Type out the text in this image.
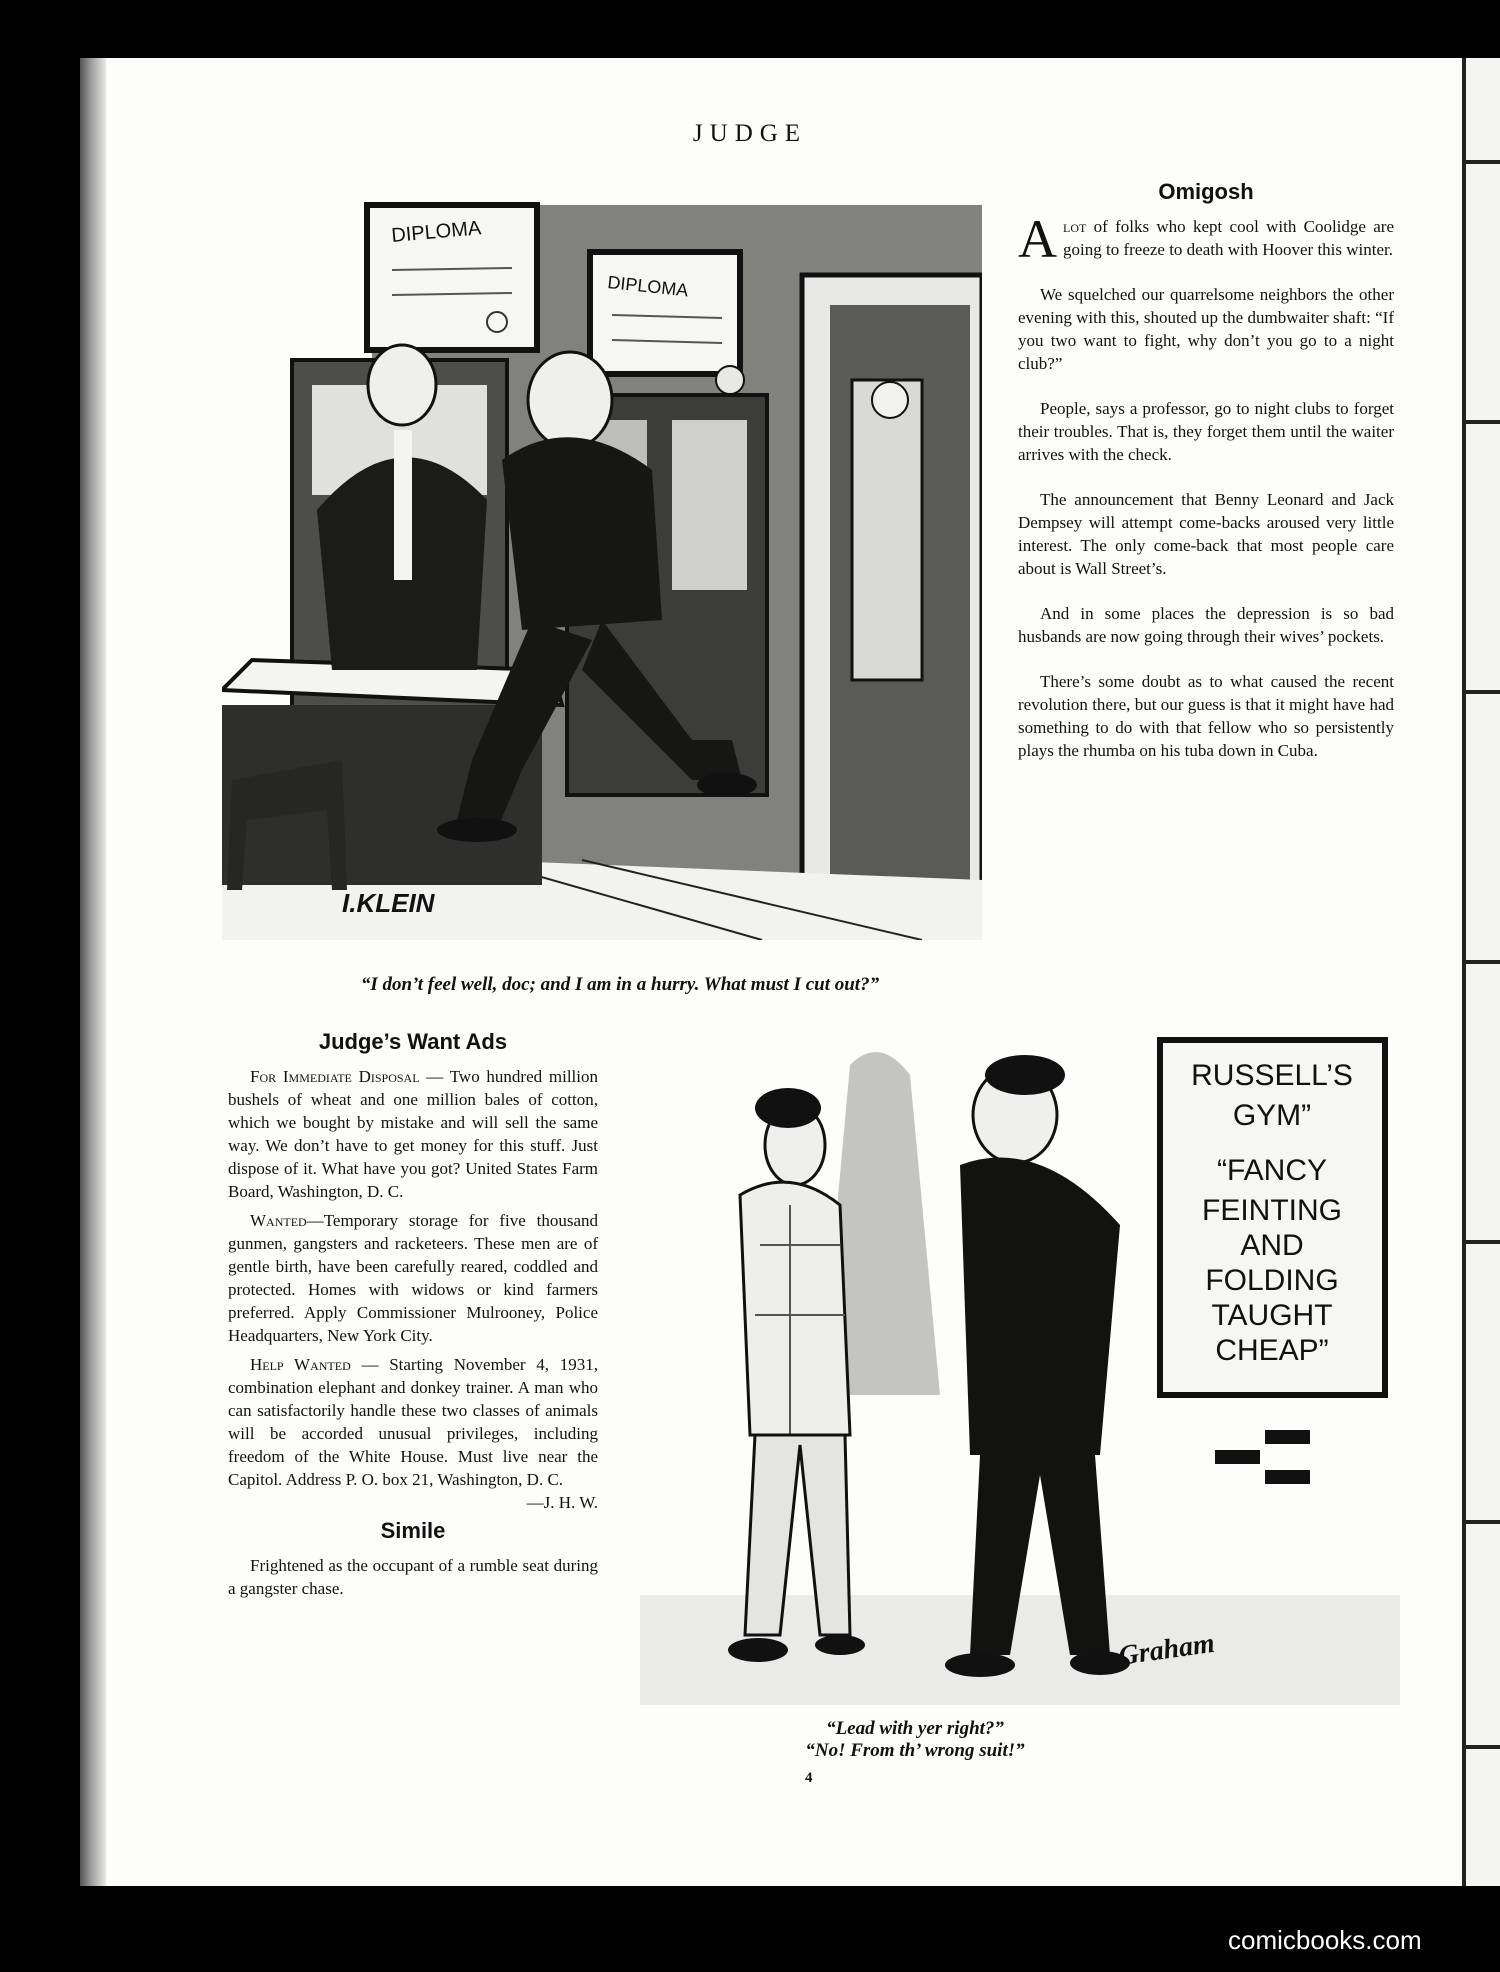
JUDGE
DIPLOMA
DIPLOMA
I.KLEIN
“I don’t feel well, doc; and I am in a hurry. What must I cut out?”
Omigosh

Alot of folks who kept cool with Coolidge are going to freeze to death with Hoover this winter.

We squelched our quarrelsome neighbors the other evening with this, shouted up the dumbwaiter shaft: “If you two want to fight, why don’t you go to a night club?”

People, says a professor, go to night clubs to forget their troubles. That is, they forget them until the waiter arrives with the check.

The announcement that Benny Leonard and Jack Dempsey will attempt come-backs aroused very little interest. The only come-back that most people care about is Wall Street’s.

And in some places the depression is so bad husbands are now going through their wives’ pockets.

There’s some doubt as to what caused the recent revolution there, but our guess is that it might have had something to do with that fellow who so persistently plays the rhumba on his tuba down in Cuba.

Judge’s Want Ads

For Immediate Disposal — Two hundred million bushels of wheat and one million bales of cotton, which we bought by mistake and will sell the same way. We don’t have to get money for this stuff. Just dispose of it. What have you got? United States Farm Board, Washington, D. C.

Wanted—Temporary storage for five thousand gunmen, gangsters and racketeers. These men are of gentle birth, have been carefully reared, coddled and protected. Homes with widows or kind farmers preferred. Apply Commissioner Mulrooney, Police Headquarters, New York City.

Help Wanted — Starting November 4, 1931, combination elephant and donkey trainer. A man who can satisfactorily handle these two classes of animals will be accorded unusual privileges, including freedom of the White House. Must live near the Capitol. Address P. O. box 21, Washington, D. C.
—J. H. W.

Simile

Frightened as the occupant of a rumble seat during a gangster chase.

RUSSELL’S
GYM”
“FANCY
FEINTING
AND
FOLDING
TAUGHT
CHEAP”
Graham
“Lead with yer right?”
“No! From th’ wrong suit!”
4
comicbooks.com
